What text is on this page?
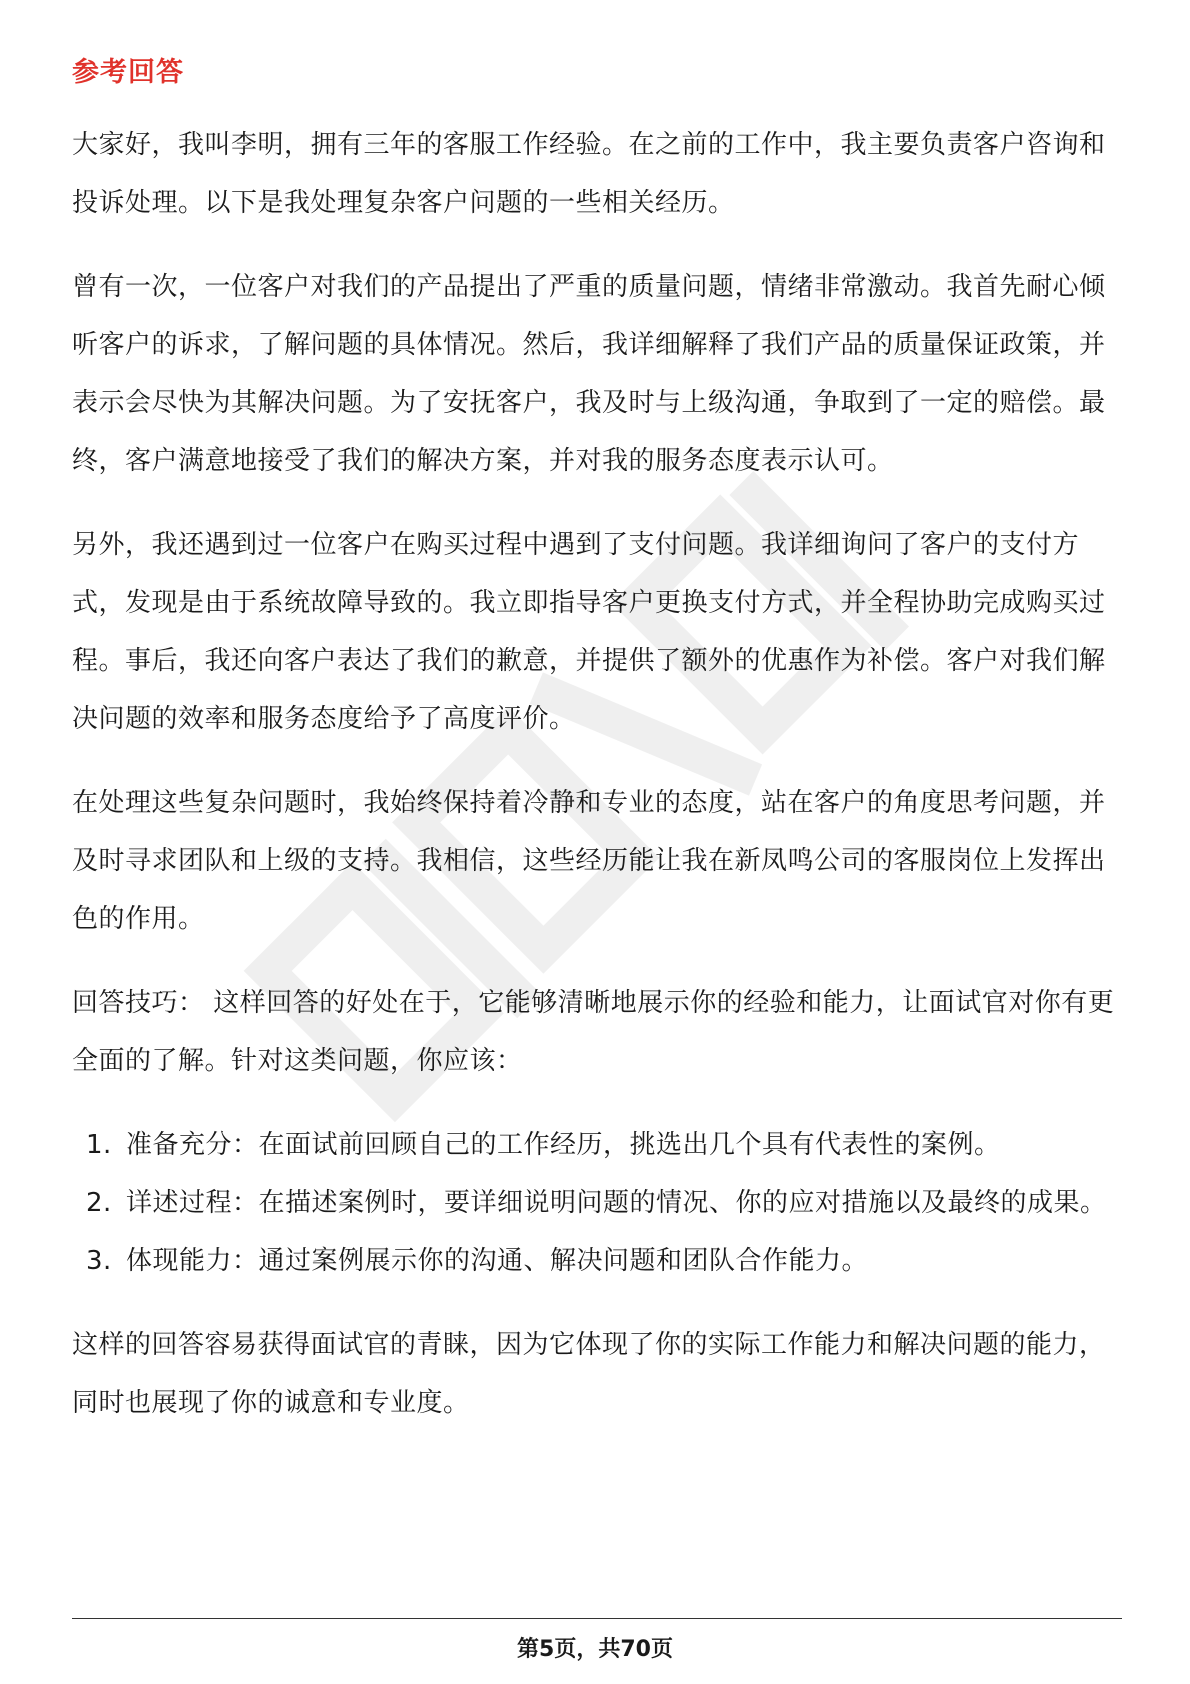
参考回答

大家好，我叫李明，拥有三年的客服工作经验。在之前的工作中，我主要负责客户咨询和投诉处理。以下是我处理复杂客户问题的一些相关经历。

曾有一次，一位客户对我们的产品提出了严重的质量问题，情绪非常激动。我首先耐心倾听客户的诉求，了解问题的具体情况。然后，我详细解释了我们产品的质量保证政策，并表示会尽快为其解决问题。为了安抚客户，我及时与上级沟通，争取到了一定的赔偿。最终，客户满意地接受了我们的解决方案，并对我的服务态度表示认可。

另外，我还遇到过一位客户在购买过程中遇到了支付问题。我详细询问了客户的支付方式，发现是由于系统故障导致的。我立即指导客户更换支付方式，并全程协助完成购买过程。事后，我还向客户表达了我们的歉意，并提供了额外的优惠作为补偿。客户对我们解决问题的效率和服务态度给予了高度评价。

在处理这些复杂问题时，我始终保持着冷静和专业的态度，站在客户的角度思考问题，并及时寻求团队和上级的支持。我相信，这些经历能让我在新凤鸣公司的客服岗位上发挥出色的作用。

回答技巧： 这样回答的好处在于，它能够清晰地展示你的经验和能力，让面试官对你有更全面的了解。针对这类问题，你应该：

1. 准备充分：在面试前回顾自己的工作经历，挑选出几个具有代表性的案例。
2. 详述过程：在描述案例时，要详细说明问题的情况、你的应对措施以及最终的成果。
3. 体现能力：通过案例展示你的沟通、解决问题和团队合作能力。

这样的回答容易获得面试官的青睐，因为它体现了你的实际工作能力和解决问题的能力，同时也展现了你的诚意和专业度。

第5页，共70页
